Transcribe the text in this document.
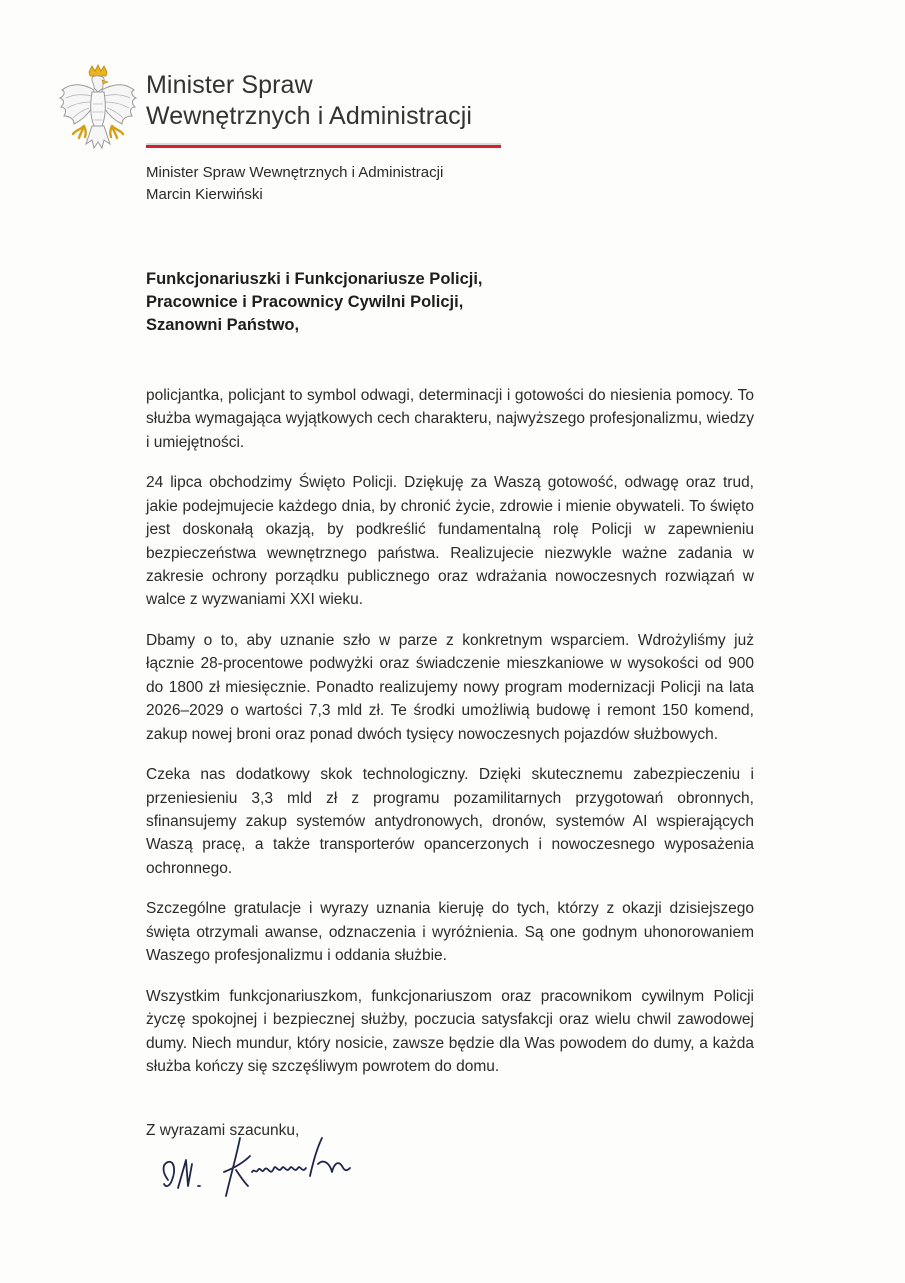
Minister Spraw
Wewnętrznych i Administracji
Minister Spraw Wewnętrznych i Administracji
Marcin Kierwiński
Funkcjonariuszki i Funkcjonariusze Policji,
Pracownice i Pracownicy Cywilni Policji,
Szanowni Państwo,

policjantka, policjant to symbol odwagi, determinacji i gotowości do niesienia pomocy. To służba wymagająca wyjątkowych cech charakteru, najwyższego profesjonalizmu, wiedzy i umiejętności.

24 lipca obchodzimy Święto Policji. Dziękuję za Waszą gotowość, odwagę oraz trud, jakie podejmujecie każdego dnia, by chronić życie, zdrowie i mienie obywateli. To święto jest doskonałą okazją, by podkreślić fundamentalną rolę Policji w zapewnieniu bezpieczeństwa wewnętrznego państwa. Realizujecie niezwykle ważne zadania w zakresie ochrony porządku publicznego oraz wdrażania nowoczesnych rozwiązań w walce z wyzwaniami XXI wieku.

Dbamy o to, aby uznanie szło w parze z konkretnym wsparciem. Wdrożyliśmy już łącznie 28-procentowe podwyżki oraz świadczenie mieszkaniowe w wysokości od 900 do 1800 zł miesięcznie. Ponadto realizujemy nowy program modernizacji Policji na lata 2026–2029 o wartości 7,3 mld zł. Te środki umożliwią budowę i remont 150 komend, zakup nowej broni oraz ponad dwóch tysięcy nowoczesnych pojazdów służbowych.

Czeka nas dodatkowy skok technologiczny. Dzięki skutecznemu zabezpieczeniu i przeniesieniu 3,3 mld zł z programu pozamilitarnych przygotowań obronnych, sfinansujemy zakup systemów antydronowych, dronów, systemów AI wspierających Waszą pracę, a także transporterów opancerzonych i nowoczesnego wyposażenia ochronnego.

Szczególne gratulacje i wyrazy uznania kieruję do tych, którzy z okazji dzisiejszego święta otrzymali awanse, odznaczenia i wyróżnienia. Są one godnym uhonorowaniem Waszego profesjonalizmu i oddania służbie.

Wszystkim funkcjonariuszkom, funkcjonariuszom oraz pracownikom cywilnym Policji życzę spokojnej i bezpiecznej służby, poczucia satysfakcji oraz wielu chwil zawodowej dumy. Niech mundur, który nosicie, zawsze będzie dla Was powodem do dumy, a każda służba kończy się szczęśliwym powrotem do domu.

Z wyrazami szacunku,
